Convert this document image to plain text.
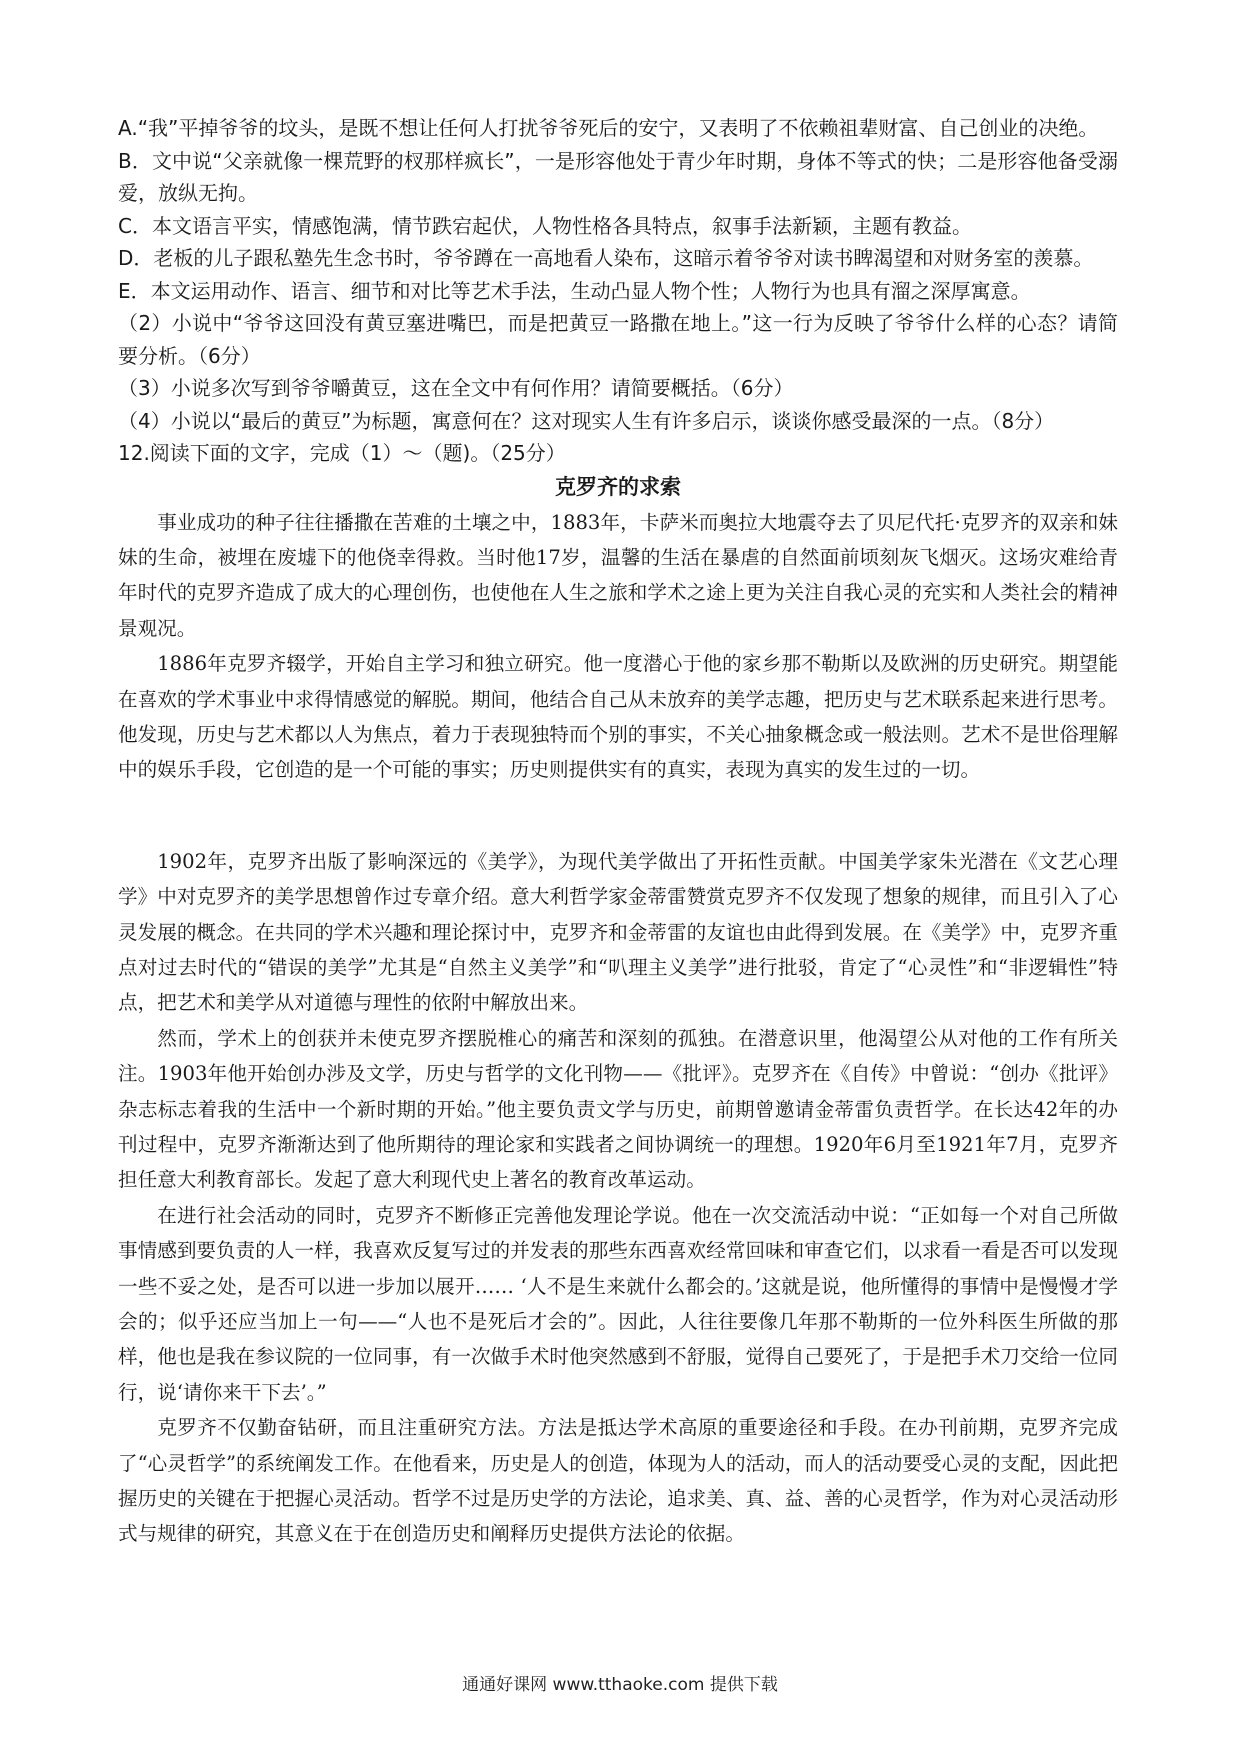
A.“我”平掉爷爷的坟头，是既不想让任何人打扰爷爷死后的安宁，又表明了不依赖祖辈财富、自己创业的决绝。

B．文中说“父亲就像一棵荒野的杈那样疯长”，一是形容他处于青少年时期，身体不等式的快；二是形容他备受溺爱，放纵无拘。

C．本文语言平实，情感饱满，情节跌宕起伏，人物性格各具特点，叙事手法新颖，主题有教益。

D．老板的儿子跟私塾先生念书时，爷爷蹲在一高地看人染布，这暗示着爷爷对读书睥渴望和对财务室的羡慕。

E．本文运用动作、语言、细节和对比等艺术手法，生动凸显人物个性；人物行为也具有溜之深厚寓意。

（2）小说中“爷爷这回没有黄豆塞进嘴巴，而是把黄豆一路撒在地上。”这一行为反映了爷爷什么样的心态？请简要分析。（6分）

（3）小说多次写到爷爷嚼黄豆，这在全文中有何作用？请简要概括。（6分）

（4）小说以“最后的黄豆”为标题，寓意何在？这对现实人生有许多启示，谈谈你感受最深的一点。（8分）

12.阅读下面的文字，完成（1）～（题)。（25分）

克罗齐的求索

事业成功的种子往往播撒在苦难的土壤之中，1883年，卡萨米而奥拉大地震夺去了贝尼代托·克罗齐的双亲和妹妹的生命，被埋在废墟下的他侥幸得救。当时他17岁，温馨的生活在暴虐的自然面前顷刻灰飞烟灭。这场灾难给青年时代的克罗齐造成了成大的心理创伤，也使他在人生之旅和学术之途上更为关注自我心灵的充实和人类社会的精神景观况。

1886年克罗齐辍学，开始自主学习和独立研究。他一度潜心于他的家乡那不勒斯以及欧洲的历史研究。期望能在喜欢的学术事业中求得情感觉的解脱。期间，他结合自己从未放弃的美学志趣，把历史与艺术联系起来进行思考。他发现，历史与艺术都以人为焦点，着力于表现独特而个别的事实，不关心抽象概念或一般法则。艺术不是世俗理解中的娱乐手段，它创造的是一个可能的事实；历史则提供实有的真实，表现为真实的发生过的一切。

1902年，克罗齐出版了影响深远的《美学》，为现代美学做出了开拓性贡献。中国美学家朱光潜在《文艺心理学》中对克罗齐的美学思想曾作过专章介绍。意大利哲学家金蒂雷赞赏克罗齐不仅发现了想象的规律，而且引入了心灵发展的概念。在共同的学术兴趣和理论探讨中，克罗齐和金蒂雷的友谊也由此得到发展。在《美学》中，克罗齐重点对过去时代的“错误的美学”尤其是“自然主义美学”和“叭理主义美学”进行批驳，肯定了“心灵性”和“非逻辑性”特点，把艺术和美学从对道德与理性的依附中解放出来。

然而，学术上的创获并未使克罗齐摆脱椎心的痛苦和深刻的孤独。在潜意识里，他渴望公从对他的工作有所关注。1903年他开始创办涉及文学，历史与哲学的文化刊物——《批评》。克罗齐在《自传》中曾说：“创办《批评》杂志标志着我的生活中一个新时期的开始。”他主要负责文学与历史，前期曾邀请金蒂雷负责哲学。在长达42年的办刊过程中，克罗齐渐渐达到了他所期待的理论家和实践者之间协调统一的理想。1920年6月至1921年7月，克罗齐担任意大利教育部长。发起了意大利现代史上著名的教育改革运动。

在进行社会活动的同时，克罗齐不断修正完善他发理论学说。他在一次交流活动中说：“正如每一个对自己所做事情感到要负责的人一样，我喜欢反复写过的并发表的那些东西喜欢经常回味和审查它们，以求看一看是否可以发现一些不妥之处，是否可以进一步加以展开…… ‘人不是生来就什么都会的。’这就是说，他所懂得的事情中是慢慢才学会的；似乎还应当加上一句——“人也不是死后才会的”。因此，人往往要像几年那不勒斯的一位外科医生所做的那样，他也是我在参议院的一位同事，有一次做手术时他突然感到不舒服，觉得自己要死了，于是把手术刀交给一位同行，说‘请你来干下去’。”

克罗齐不仅勤奋钻研，而且注重研究方法。方法是抵达学术高原的重要途径和手段。在办刊前期，克罗齐完成了“心灵哲学”的系统阐发工作。在他看来，历史是人的创造，体现为人的活动，而人的活动要受心灵的支配，因此把握历史的关键在于把握心灵活动。哲学不过是历史学的方法论，追求美、真、益、善的心灵哲学，作为对心灵活动形式与规律的研究，其意义在于在创造历史和阐释历史提供方法论的依据。

通通好课网 www.tthaoke.com 提供下载
